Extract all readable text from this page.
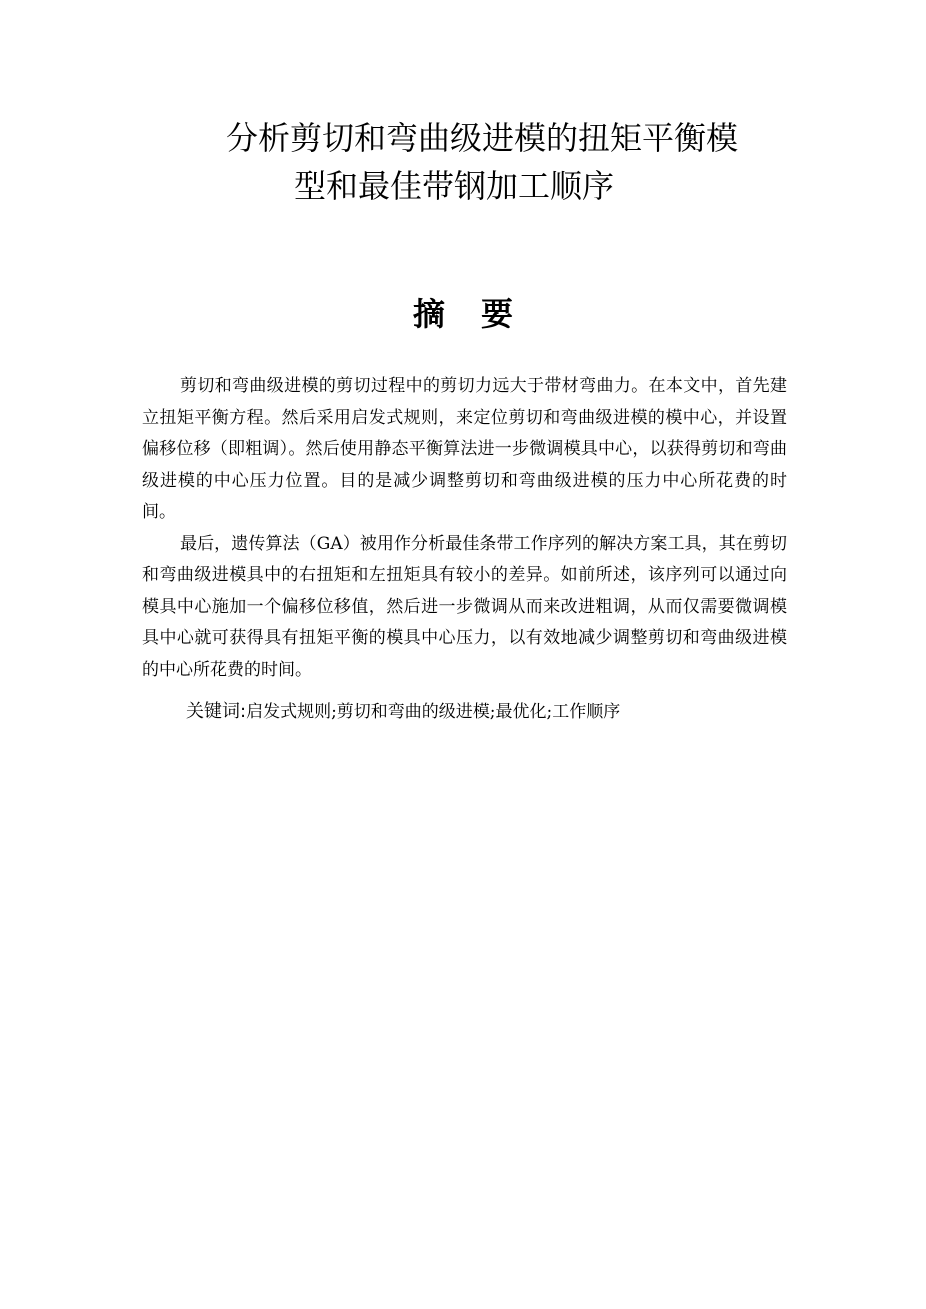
分析剪切和弯曲级进模的扭矩平衡模
型和最佳带钢加工顺序
摘要

剪切和弯曲级进模的剪切过程中的剪切力远大于带材弯曲力。在本文中，首先建立扭矩平衡方程。然后采用启发式规则，来定位剪切和弯曲级进模的模中心，并设置偏移位移（即粗调）。然后使用静态平衡算法进一步微调模具中心，以获得剪切和弯曲级进模的中心压力位置。目的是减少调整剪切和弯曲级进模的压力中心所花费的时间。

最后，遗传算法（GA）被用作分析最佳条带工作序列的解决方案工具，其在剪切和弯曲级进模具中的右扭矩和左扭矩具有较小的差异。如前所述，该序列可以通过向模具中心施加一个偏移位移值，然后进一步微调从而来改进粗调，从而仅需要微调模具中心就可获得具有扭矩平衡的模具中心压力，以有效地减少调整剪切和弯曲级进模的中心所花费的时间。

关键词:启发式规则;剪切和弯曲的级进模;最优化;工作顺序
